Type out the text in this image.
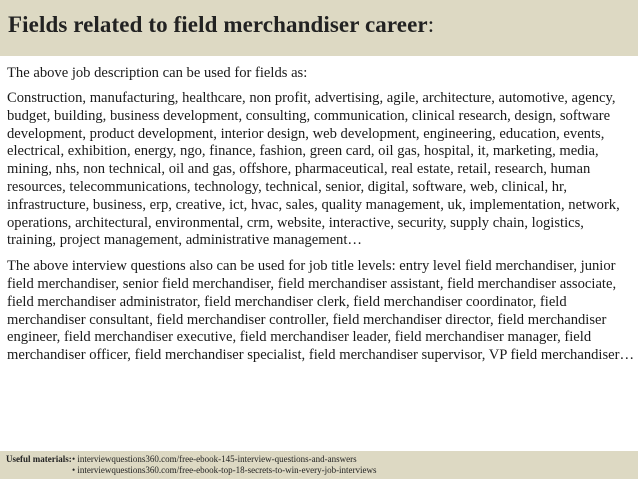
Fields related to field merchandiser career:

The above job description can be used for fields as:

Construction, manufacturing, healthcare, non profit, advertising, agile, architecture, automotive, agency, budget, building, business development, consulting, communication, clinical research, design, software development, product development, interior design, web development, engineering, education, events, electrical, exhibition, energy, ngo, finance, fashion, green card, oil gas, hospital, it, marketing, media, mining, nhs, non technical, oil and gas, offshore, pharmaceutical, real estate, retail, research, human resources, telecommunications, technology, technical, senior, digital, software, web, clinical, hr, infrastructure, business, erp, creative, ict, hvac, sales, quality management, uk, implementation, network, operations, architectural, environmental, crm, website, interactive, security, supply chain, logistics, training, project management, administrative management…

The above interview questions also can be used for job title levels: entry level field merchandiser, junior field merchandiser, senior field merchandiser, field merchandiser assistant, field merchandiser associate, field merchandiser administrator, field merchandiser clerk, field merchandiser coordinator, field merchandiser consultant, field merchandiser controller, field merchandiser director, field merchandiser engineer, field merchandiser executive, field merchandiser leader, field merchandiser manager, field merchandiser officer, field merchandiser specialist, field merchandiser supervisor, VP field merchandiser…

Useful materials: • interviewquestions360.com/free-ebook-145-interview-questions-and-answers
• interviewquestions360.com/free-ebook-top-18-secrets-to-win-every-job-interviews
